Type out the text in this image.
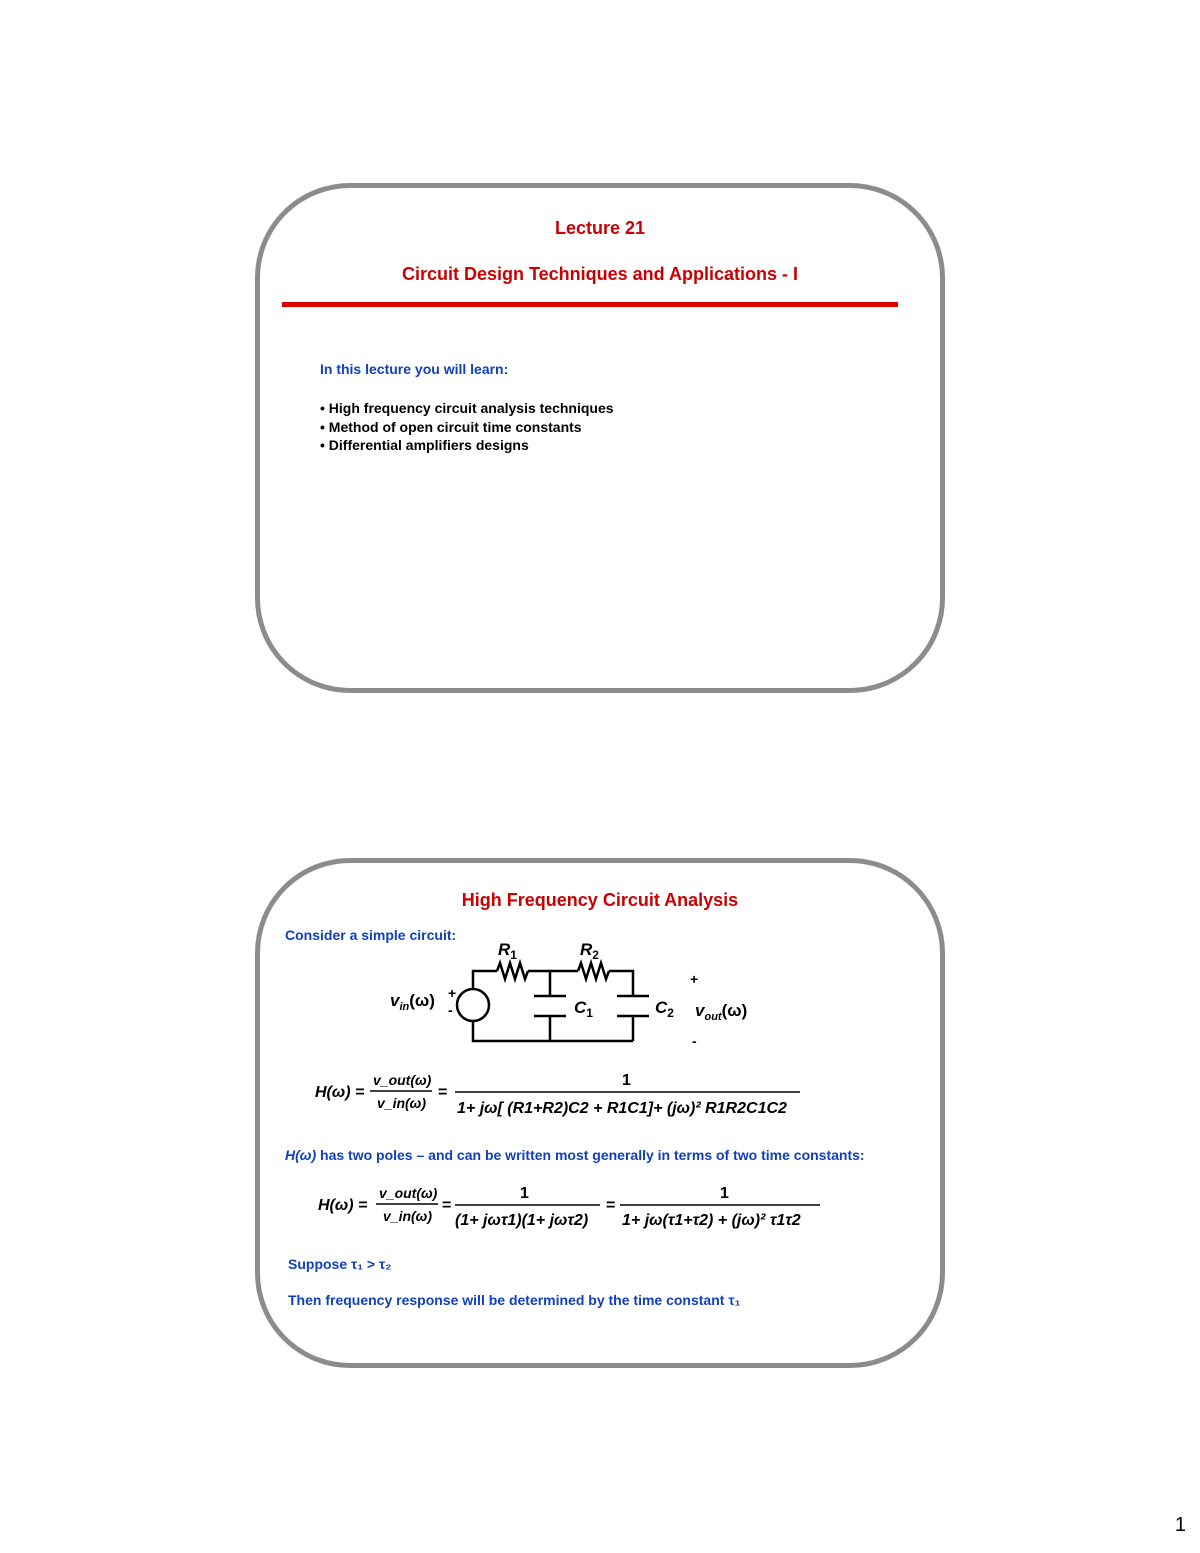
Lecture 21
Circuit Design Techniques and Applications - I
In this lecture you will learn:
• High frequency circuit analysis techniques
• Method of open circuit time constants
• Differential amplifiers designs
High Frequency Circuit Analysis
Consider a simple circuit:
$R_1$	$R_2$
$C_1$	$C_2$
$v_{in}(\omega)$
$v_{out}(\omega)$
+
-
+
-
H(ω) =
v_out(ω)
v_in(ω)
=
1
1+ jω[ (R1+R2)C2 + R1C1]+ (jω)² R1R2C1C2
H(ω) has two poles – and can be written most generally in terms of two time constants:
H(ω) =
v_out(ω)
v_in(ω)
=
1
(1+ jωτ1)(1+ jωτ2)
=
1
1+ jω(τ1+τ2) + (jω)² τ1τ2
Suppose τ₁ > τ₂
Then frequency response will be determined by the time constant τ₁
1
